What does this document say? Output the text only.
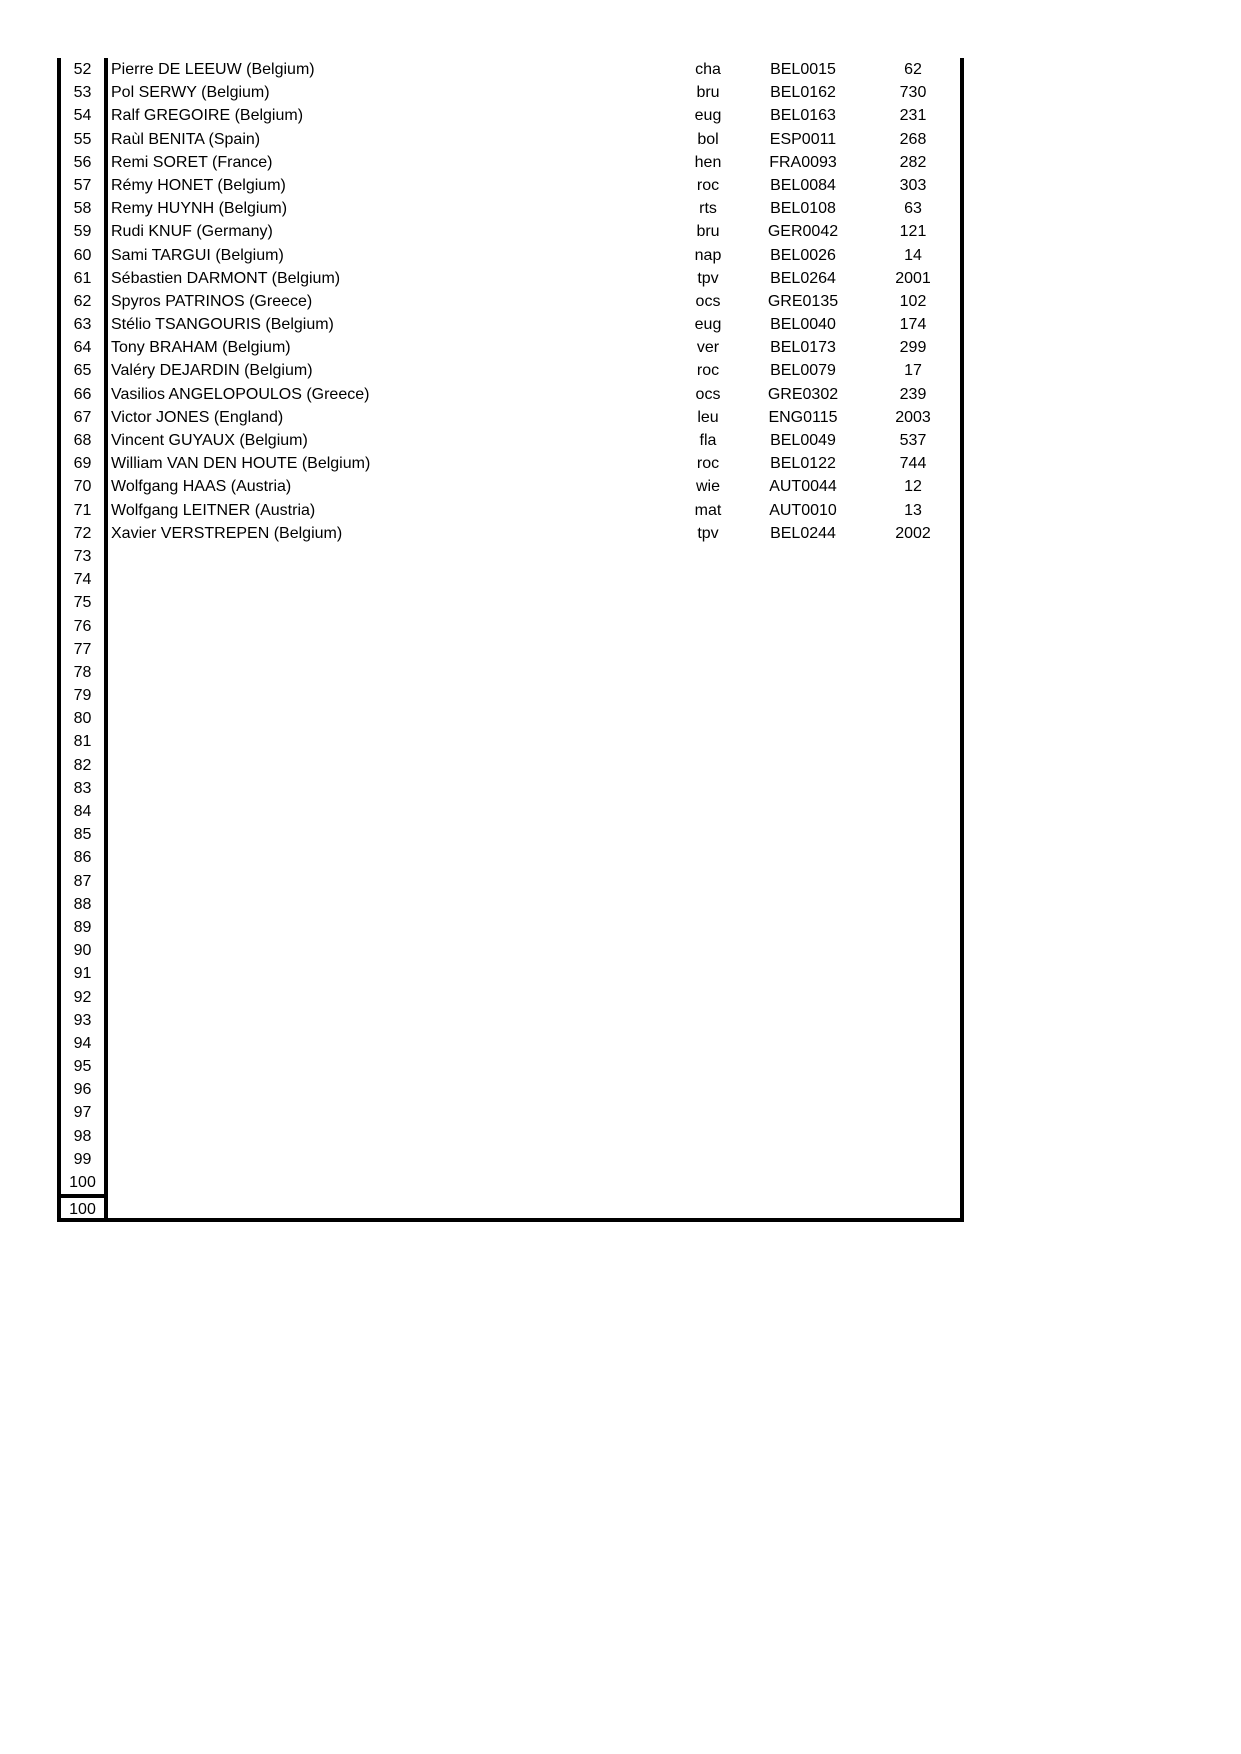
52	Pierre DE LEEUW (Belgium)	cha	BEL0015	62
53	Pol SERWY (Belgium)	bru	BEL0162	730
54	Ralf GREGOIRE (Belgium)	eug	BEL0163	231
55	Raùl BENITA (Spain)	bol	ESP0011	268
56	Remi SORET (France)	hen	FRA0093	282
57	Rémy HONET (Belgium)	roc	BEL0084	303
58	Remy HUYNH (Belgium)	rts	BEL0108	63
59	Rudi KNUF (Germany)	bru	GER0042	121
60	Sami TARGUI (Belgium)	nap	BEL0026	14
61	Sébastien DARMONT (Belgium)	tpv	BEL0264	2001
62	Spyros PATRINOS (Greece)	ocs	GRE0135	102
63	Stélio TSANGOURIS (Belgium)	eug	BEL0040	174
64	Tony BRAHAM (Belgium)	ver	BEL0173	299
65	Valéry DEJARDIN (Belgium)	roc	BEL0079	17
66	Vasilios ANGELOPOULOS (Greece)	ocs	GRE0302	239
67	Victor JONES (England)	leu	ENG0115	2003
68	Vincent GUYAUX (Belgium)	fla	BEL0049	537
69	William VAN DEN HOUTE (Belgium)	roc	BEL0122	744
70	Wolfgang HAAS (Austria)	wie	AUT0044	12
71	Wolfgang LEITNER (Austria)	mat	AUT0010	13
72	Xavier VERSTREPEN (Belgium)	tpv	BEL0244	2002
73
74
75
76
77
78
79
80
81
82
83
84
85
86
87
88
89
90
91
92
93
94
95
96
97
98
99
100
100
